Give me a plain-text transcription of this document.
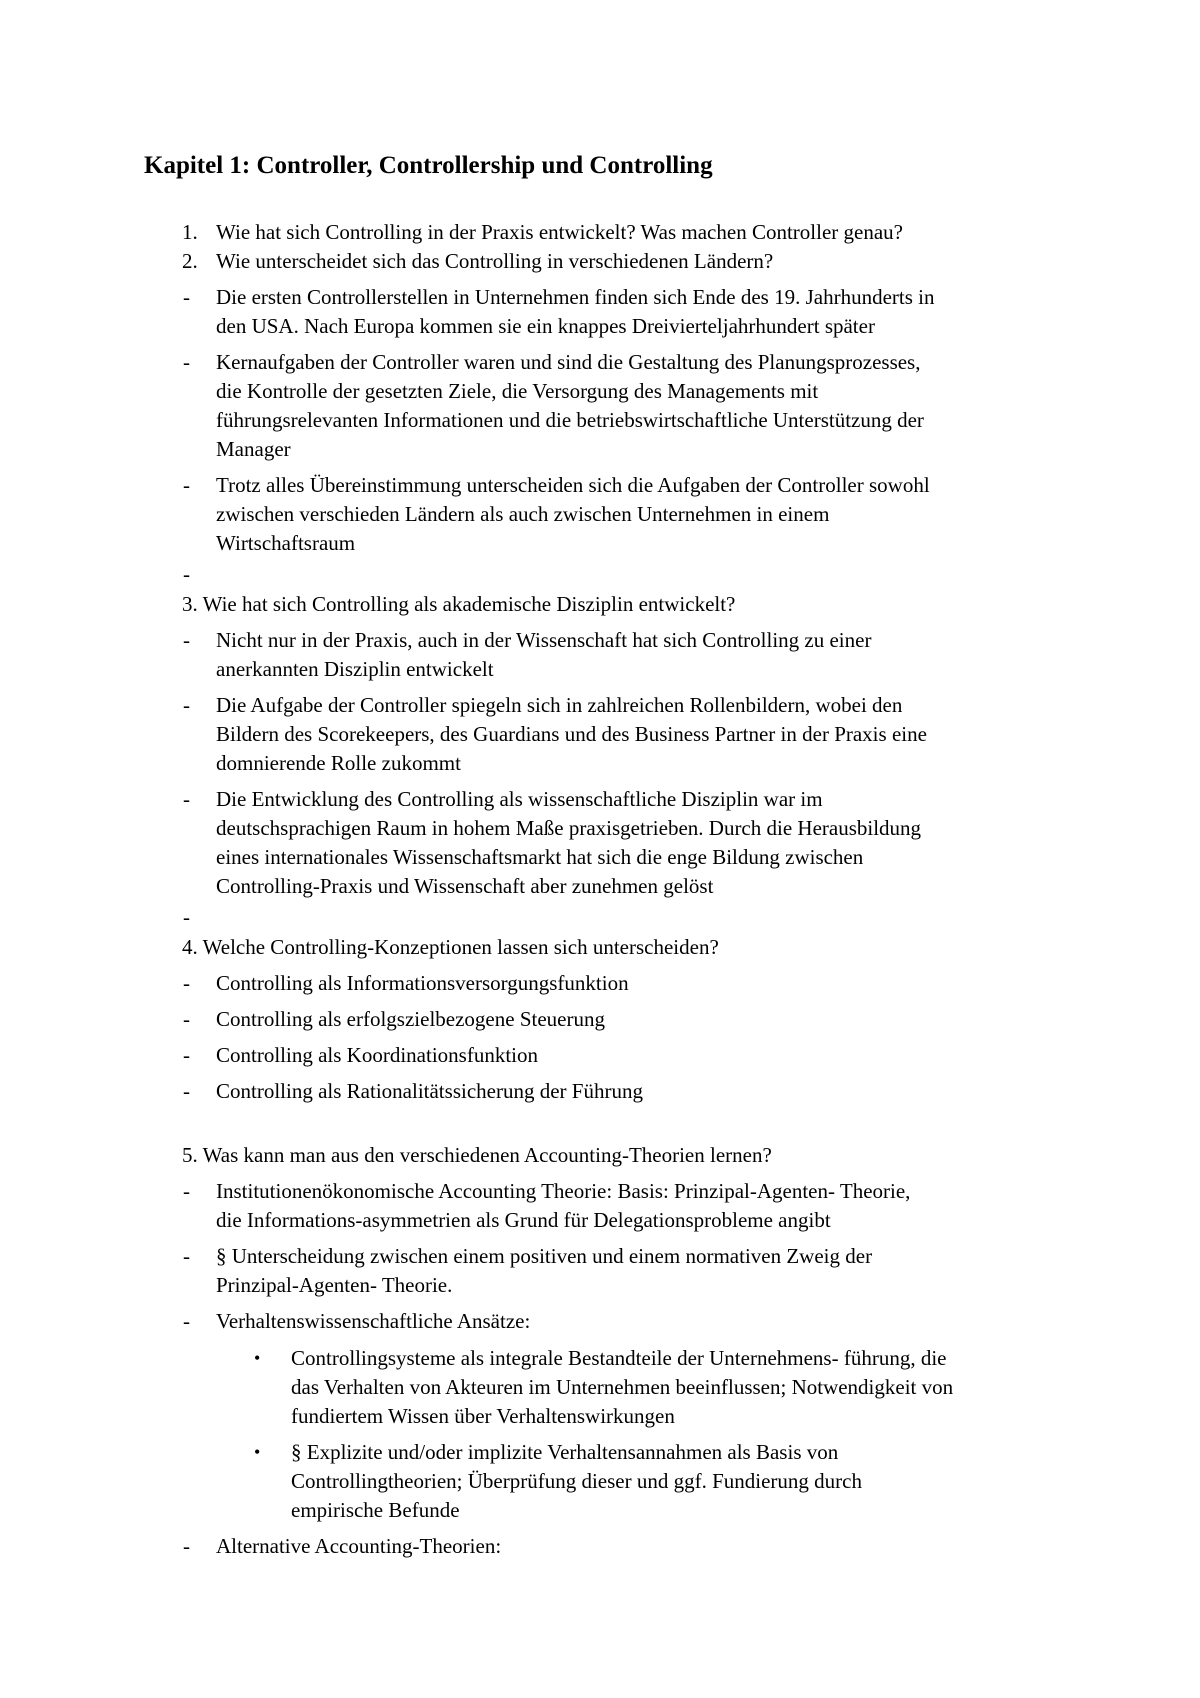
Kapitel 1: Controller, Controllership und Controlling
1. Wie hat sich Controlling in der Praxis entwickelt? Was machen Controller genau?
2. Wie unterscheidet sich das Controlling in verschiedenen Ländern?
- Die ersten Controllerstellen in Unternehmen finden sich Ende des 19. Jahrhunderts in
den USA. Nach Europa kommen sie ein knappes Dreivierteljahrhundert später
- Kernaufgaben der Controller waren und sind die Gestaltung des Planungsprozesses,
die Kontrolle der gesetzten Ziele, die Versorgung des Managements mit
führungsrelevanten Informationen und die betriebswirtschaftliche Unterstützung der
Manager
- Trotz alles Übereinstimmung unterscheiden sich die Aufgaben der Controller sowohl
zwischen verschieden Ländern als auch zwischen Unternehmen in einem
Wirtschaftsraum
-
3. Wie hat sich Controlling als akademische Disziplin entwickelt?
- Nicht nur in der Praxis, auch in der Wissenschaft hat sich Controlling zu einer
anerkannten Disziplin entwickelt
- Die Aufgabe der Controller spiegeln sich in zahlreichen Rollenbildern, wobei den
Bildern des Scorekeepers, des Guardians und des Business Partner in der Praxis eine
domnierende Rolle zukommt
- Die Entwicklung des Controlling als wissenschaftliche Disziplin war im
deutschsprachigen Raum in hohem Maße praxisgetrieben. Durch die Herausbildung
eines internationales Wissenschaftsmarkt hat sich die enge Bildung zwischen
Controlling-Praxis und Wissenschaft aber zunehmen gelöst
-
4. Welche Controlling-Konzeptionen lassen sich unterscheiden?
- Controlling als Informationsversorgungsfunktion
- Controlling als erfolgszielbezogene Steuerung
- Controlling als Koordinationsfunktion
- Controlling als Rationalitätssicherung der Führung
5. Was kann man aus den verschiedenen Accounting-Theorien lernen?
- Institutionenökonomische Accounting Theorie: Basis: Prinzipal-Agenten- Theorie,
die Informations-asymmetrien als Grund für Delegationsprobleme angibt
- § Unterscheidung zwischen einem positiven und einem normativen Zweig der
Prinzipal-Agenten- Theorie.
- Verhaltenswissenschaftliche Ansätze:
• Controllingsysteme als integrale Bestandteile der Unternehmens- führung, die
das Verhalten von Akteuren im Unternehmen beeinflussen; Notwendigkeit von
fundiertem Wissen über Verhaltenswirkungen
• § Explizite und/oder implizite Verhaltensannahmen als Basis von
Controllingtheorien; Überprüfung dieser und ggf. Fundierung durch
empirische Befunde
- Alternative Accounting-Theorien:
